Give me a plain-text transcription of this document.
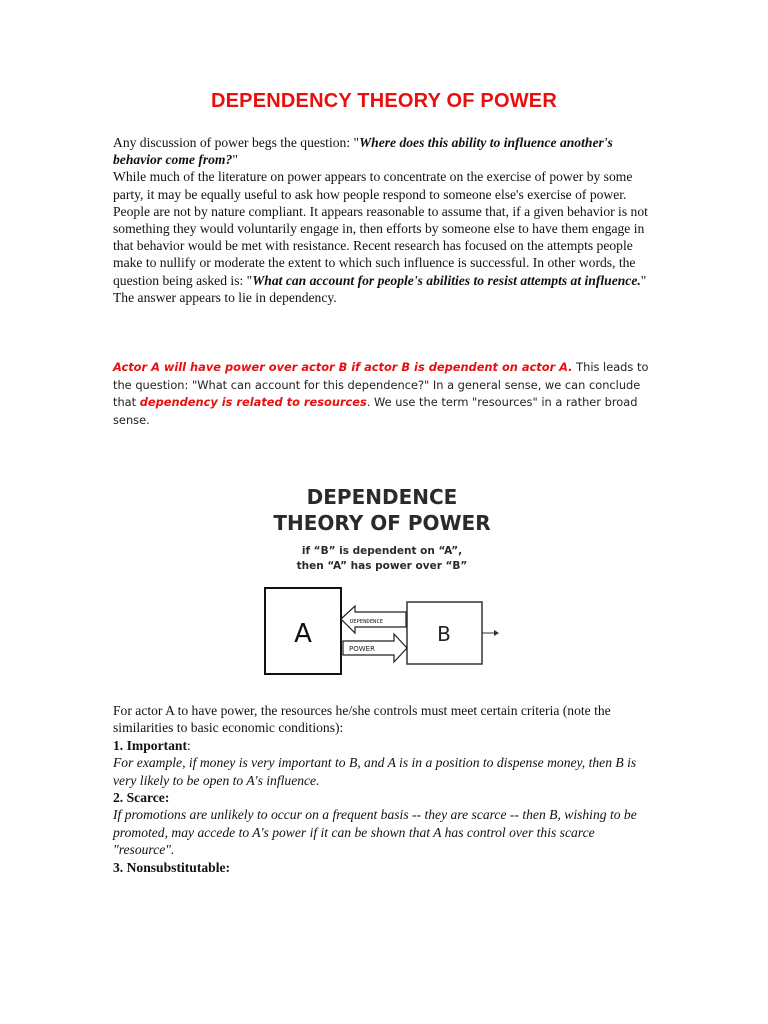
DEPENDENCY THEORY OF POWER

Any discussion of power begs the question: "Where does this ability to influence another's behavior come from?"

While much of the literature on power appears to concentrate on the exercise of power by some party, it may be equally useful to ask how people respond to someone else's exercise of power. People are not by nature compliant. It appears reasonable to assume that, if a given behavior is not something they would voluntarily engage in, then efforts by someone else to have them engage in that behavior would be met with resistance. Recent research has focused on the attempts people make to nullify or moderate the extent to which such influence is successful. In other words, the question being asked is: "What can account for people's abilities to resist attempts at influence." The answer appears to lie in dependency.

Actor A will have power over actor B if actor B is dependent on actor A. This leads to the question: "What can account for this dependence?" In a general sense, we can conclude that dependency is related to resources. We use the term "resources" in a rather broad sense.
DEPENDENCE
THEORY OF POWER
if “B” is dependent on “A”,
then “A” has power over “B”
A	B
DEPENDENCE
POWER

For actor A to have power, the resources he/she controls must meet certain criteria (note the similarities to basic economic conditions):

1. Important:

For example, if money is very important to B, and A is in a position to dispense money, then B is very likely to be open to A's influence.

2. Scarce:

If promotions are unlikely to occur on a frequent basis -- they are scarce -- then B, wishing to be promoted, may accede to A's power if it can be shown that A has control over this scarce "resource".

3. Nonsubstitutable:
